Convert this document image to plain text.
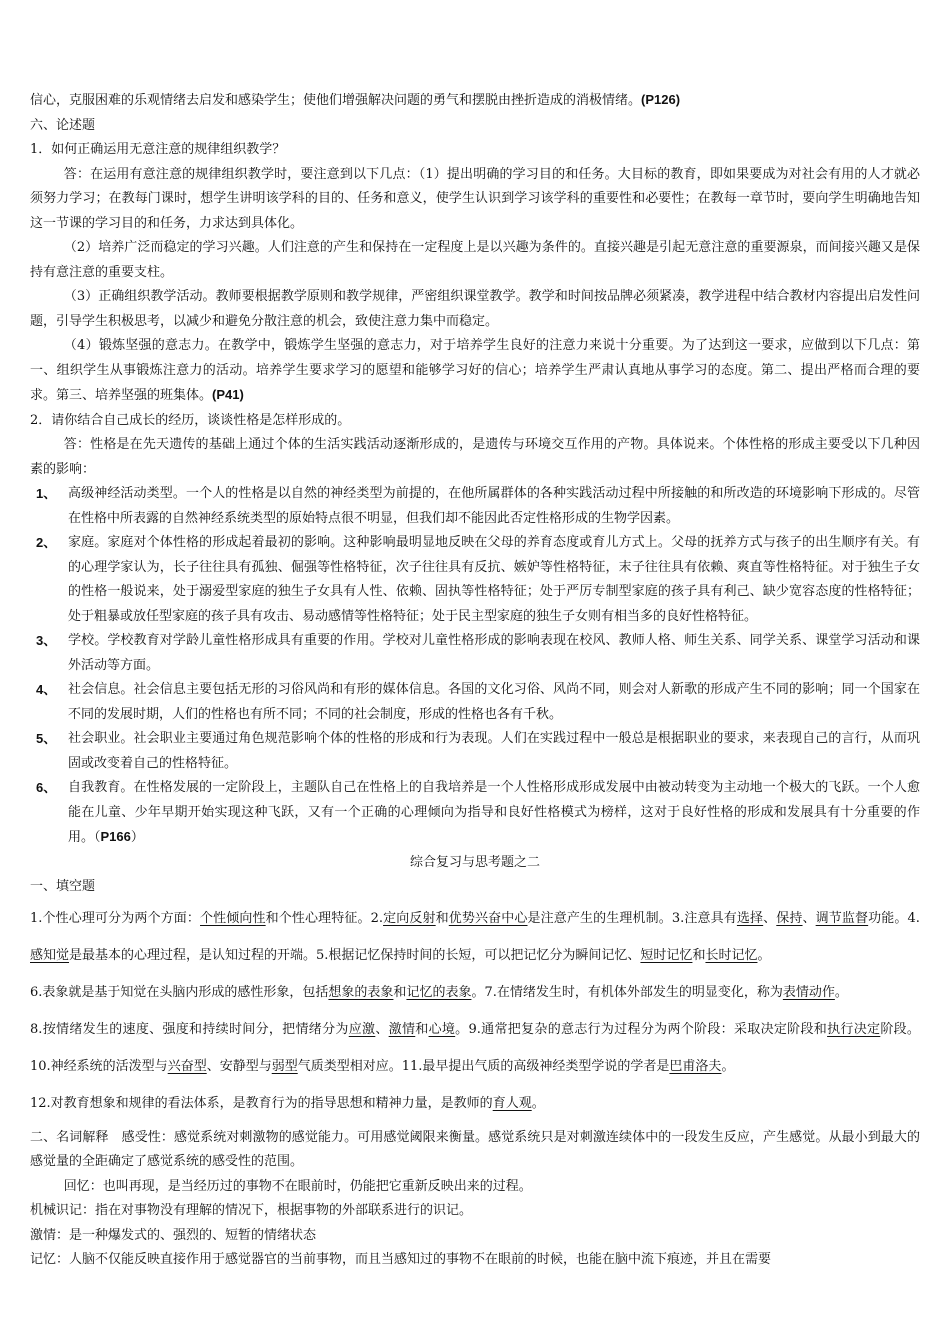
信心，克服困难的乐观情绪去启发和感染学生；使他们增强解决问题的勇气和摆脱由挫折造成的消极情绪。(P126)

六、论述题

1．如何正确运用无意注意的规律组织教学？

答：在运用有意注意的规律组织教学时，要注意到以下几点：（1）提出明确的学习目的和任务。大目标的教育，即如果要成为对社会有用的人才就必须努力学习；在教每门课时，想学生讲明该学科的目的、任务和意义，使学生认识到学习该学科的重要性和必要性；在教每一章节时，要向学生明确地告知这一节课的学习目的和任务，力求达到具体化。

（2）培养广泛而稳定的学习兴趣。人们注意的产生和保持在一定程度上是以兴趣为条件的。直接兴趣是引起无意注意的重要源泉，而间接兴趣又是保持有意注意的重要支柱。

（3）正确组织教学活动。教师要根据教学原则和教学规律，严密组织课堂教学。教学和时间按品牌必须紧凑，教学进程中结合教材内容提出启发性问题，引导学生积极思考，以减少和避免分散注意的机会，致使注意力集中而稳定。

（4）锻炼坚强的意志力。在教学中，锻炼学生坚强的意志力，对于培养学生良好的注意力来说十分重要。为了达到这一要求，应做到以下几点：第一、组织学生从事锻炼注意力的活动。培养学生要求学习的愿望和能够学习好的信心；培养学生严肃认真地从事学习的态度。第二、提出严格而合理的要求。第三、培养坚强的班集体。(P41)

2．请你结合自己成长的经历，谈谈性格是怎样形成的。

答：性格是在先天遗传的基础上通过个体的生活实践活动逐渐形成的，是遗传与环境交互作用的产物。具体说来。个体性格的形成主要受以下几种因素的影响：

1、 高级神经活动类型。一个人的性格是以自然的神经类型为前提的，在他所属群体的各种实践活动过程中所接触的和所改造的环境影响下形成的。尽管在性格中所表露的自然神经系统类型的原始特点很不明显，但我们却不能因此否定性格形成的生物学因素。
2、 家庭。家庭对个体性格的形成起着最初的影响。这种影响最明显地反映在父母的养育态度或育儿方式上。父母的抚养方式与孩子的出生顺序有关。有的心理学家认为，长子往往具有孤独、倔强等性格特征，次子往往具有反抗、嫉妒等性格特征，末子往往具有依赖、爽直等性格特征。对于独生子女的性格一般说来，处于溺爱型家庭的独生子女具有人性、依赖、固执等性格特征；处于严厉专制型家庭的孩子具有利己、缺少宽容态度的性格特征；处于粗暴或放任型家庭的孩子具有攻击、易动感情等性格特征；处于民主型家庭的独生子女则有相当多的良好性格特征。
3、 学校。学校教育对学龄儿童性格形成具有重要的作用。学校对儿童性格形成的影响表现在校风、教师人格、师生关系、同学关系、课堂学习活动和课外活动等方面。
4、 社会信息。社会信息主要包括无形的习俗风尚和有形的媒体信息。各国的文化习俗、风尚不同，则会对人新歌的形成产生不同的影响；同一个国家在不同的发展时期，人们的性格也有所不同；不同的社会制度，形成的性格也各有千秋。
5、 社会职业。社会职业主要通过角色规范影响个体的性格的形成和行为表现。人们在实践过程中一般总是根据职业的要求，来表现自己的言行，从而巩固或改变着自己的性格特征。
6、 自我教育。在性格发展的一定阶段上，主题队自己在性格上的自我培养是一个人性格形成形成发展中由被动转变为主动地一个极大的飞跃。一个人愈能在儿童、少年早期开始实现这种飞跃，又有一个正确的心理倾向为指导和良好性格模式为榜样，这对于良好性格的形成和发展具有十分重要的作用。（P166）

综合复习与思考题之二

一、填空题

1.个性心理可分为两个方面：个性倾向性和个性心理特征。2.定向反射和优势兴奋中心是注意产生的生理机制。3.注意具有选择、保持、调节监督功能。4.感知觉是最基本的心理过程，是认知过程的开端。5.根据记忆保持时间的长短，可以把记忆分为瞬间记忆、短时记忆和长时记忆。

6.表象就是基于知觉在头脑内形成的感性形象，包括想象的表象和记忆的表象。7.在情绪发生时，有机体外部发生的明显变化，称为表情动作。

8.按情绪发生的速度、强度和持续时间分，把情绪分为应激、激情和心境。9.通常把复杂的意志行为过程分为两个阶段：采取决定阶段和执行决定阶段。10.神经系统的活泼型与兴奋型、安静型与弱型气质类型相对应。11.最早提出气质的高级神经类型学说的学者是巴甫洛夫。

12.对教育想象和规律的看法体系，是教育行为的指导思想和精神力量，是教师的育人观。

二、名词解释　感受性：感觉系统对刺激物的感觉能力。可用感觉阈限来衡量。感觉系统只是对刺激连续体中的一段发生反应，产生感觉。从最小到最大的感觉量的全距确定了感觉系统的感受性的范围。

回忆：也叫再现，是当经历过的事物不在眼前时，仍能把它重新反映出来的过程。

机械识记：指在对事物没有理解的情况下，根据事物的外部联系进行的识记。

激情：是一种爆发式的、强烈的、短暂的情绪状态

记忆：人脑不仅能反映直接作用于感觉器官的当前事物，而且当感知过的事物不在眼前的时候，也能在脑中流下痕迹，并且在需要
